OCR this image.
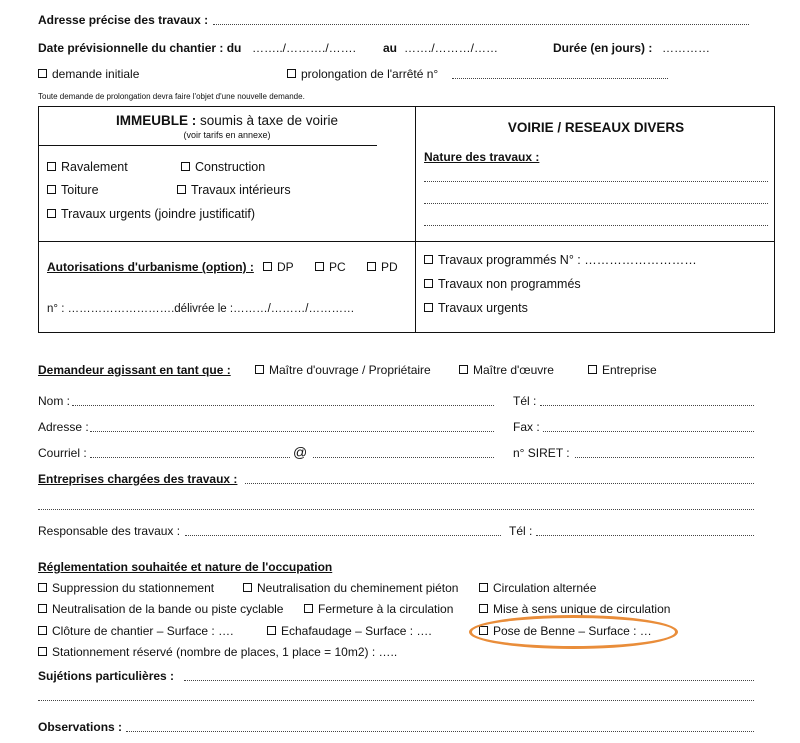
Adresse précise des travaux :
Date prévisionnelle du chantier : du ……../………./……. au ……./………/……	Durée (en jours) : …………
demande initiale	prolongation de l'arrêté n°
Toute demande de prolongation devra faire l'objet d'une nouvelle demande.
IMMEUBLE : soumis à taxe de voirie
(voir tarifs en annexe)
Ravalement	Construction
Toiture	Travaux intérieurs
Travaux urgents (joindre justificatif)
Autorisations d'urbanisme (option) :	DP	PC	PD
n° : ……………………….délivrée le :………/………/…………
VOIRIE / RESEAUX DIVERS
Nature des travaux :
Travaux programmés N° : ………………………
Travaux non programmés
Travaux urgents
Demandeur agissant en tant que :	Maître d'ouvrage / Propriétaire	Maître d'œuvre	Entreprise
Nom :	Tél :
Adresse :	Fax :
Courriel :	@	n° SIRET :
Entreprises chargées des travaux :
Responsable des travaux :	Tél :
Réglementation souhaitée et nature de l'occupation
Suppression du stationnement	Neutralisation du cheminement piéton	Circulation alternée
Neutralisation de la bande ou piste cyclable	Fermeture à la circulation	Mise à sens unique de circulation
Clôture de chantier – Surface : ….	Echafaudage – Surface : ….	Pose de Benne – Surface : …
Stationnement réservé (nombre de places, 1 place = 10m2) : …..
Sujétions particulières :
Observations :
